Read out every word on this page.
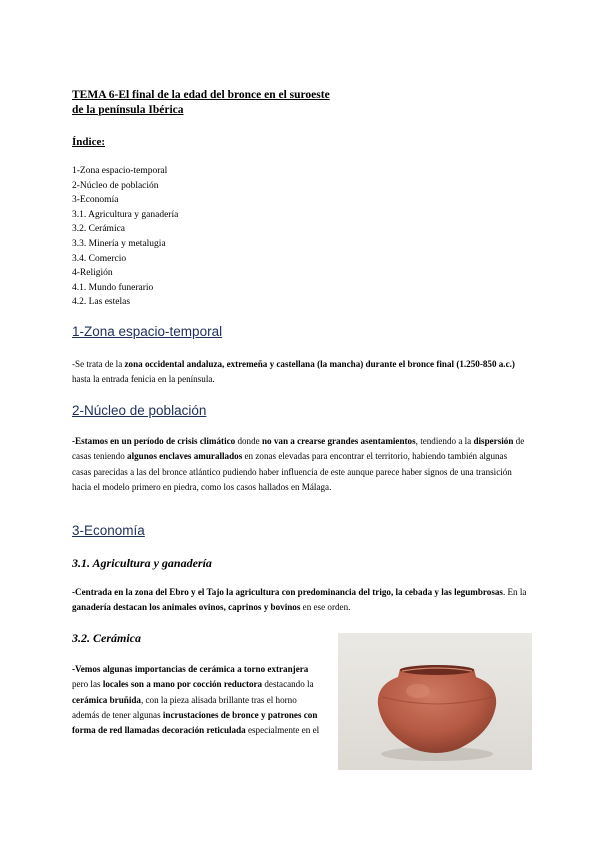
TEMA 6-El final de la edad del bronce en el suroeste
de la península Ibérica
Índice:
1-Zona espacio-temporal
2-Núcleo de población
3-Economía
3.1. Agricultura y ganadería
3.2. Cerámica
3.3. Minería y metalugia
3.4. Comercio
4-Religión
4.1. Mundo funerario
4.2. Las estelas
1-Zona espacio-temporal
-Se trata de la zona occidental andaluza, extremeña y castellana (la mancha) durante el bronce final (1.250-850 a.c.) hasta la entrada fenicia en la península.
2-Núcleo de población
-Estamos en un período de crisis climático donde no van a crearse grandes asentamientos, tendiendo a la dispersión de casas teniendo algunos enclaves amurallados en zonas elevadas para encontrar el territorio, habiendo también algunas casas parecidas a las del bronce atlántico pudiendo haber influencia de este aunque parece haber signos de una transición hacia el modelo primero en piedra, como los casos hallados en Málaga.
3-Economía
3.1. Agricultura y ganadería
-Centrada en la zona del Ebro y el Tajo la agricultura con predominancia del trigo, la cebada y las legumbrosas. En la ganadería destacan los animales ovinos, caprinos y bovinos en ese orden.
3.2. Cerámica
-Vemos algunas importancias de cerámica a torno extranjera pero las locales son a mano por cocción reductora destacando la cerámica bruñida, con la pieza alisada brillante tras el horno además de tener algunas incrustaciones de bronce y patrones con forma de red llamadas decoración reticulada especialmente en el
